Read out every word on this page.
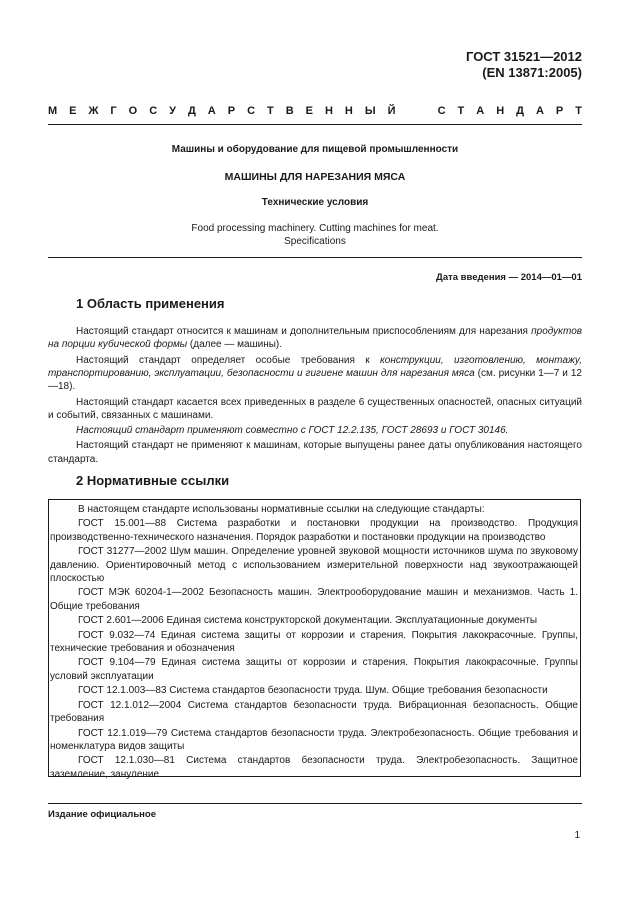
ГОСТ 31521—2012
(EN 13871:2005)
М Е Ж Г О С У Д А Р С Т В Е Н Н Ы Й

	С Т А Н Д А Р Т
Машины и оборудование для пищевой промышленности
МАШИНЫ ДЛЯ НАРЕЗАНИЯ МЯСА
Технические условия
Food processing machinery. Cutting machines for meat.
Specifications
Дата введения — 2014—01—01
1 Область применения

Настоящий стандарт относится к машинам и дополнительным приспособлениям для нарезания продуктов на порции кубической формы (далее — машины).

Настоящий стандарт определяет особые требования к конструкции, изготовлению, монтажу, транспортированию, эксплуатации, безопасности и гигиене машин для нарезания мяса (см. рисунки 1—7 и 12—18).

Настоящий стандарт касается всех приведенных в разделе 6 существенных опасностей, опасных ситуаций и событий, связанных с машинами.

Настоящий стандарт применяют совместно с ГОСТ 12.2.135, ГОСТ 28693 и ГОСТ 30146.

Настоящий стандарт не применяют к машинам, которые выпущены ранее даты опубликования настоящего стандарта.

2 Нормативные ссылки

В настоящем стандарте использованы нормативные ссылки на следующие стандарты:

ГОСТ 15.001—88 Система разработки и постановки продукции на производство. Продукция производственно-технического назначения. Порядок разработки и постановки продукции на производство

ГОСТ 31277—2002 Шум машин. Определение уровней звуковой мощности источников шума по звуковому давлению. Ориентировочный метод с использованием измерительной поверхности над звукоотражающей плоскостью

ГОСТ МЭК 60204-1—2002 Безопасность машин. Электрооборудование машин и механизмов. Часть 1. Общие требования

ГОСТ 2.601—2006 Единая система конструкторской документации. Эксплуатационные документы

ГОСТ 9.032—74 Единая система защиты от коррозии и старения. Покрытия лакокрасочные. Группы, технические требования и обозначения

ГОСТ 9.104—79 Единая система защиты от коррозии и старения. Покрытия лакокрасочные. Группы условий эксплуатации

ГОСТ 12.1.003—83 Система стандартов безопасности труда. Шум. Общие требования безопасности

ГОСТ 12.1.012—2004 Система стандартов безопасности труда. Вибрационная безопасность. Общие требования

ГОСТ 12.1.019—79 Система стандартов безопасности труда. Электробезопасность. Общие требования и номенклатура видов защиты

ГОСТ 12.1.030—81 Система стандартов безопасности труда. Электробезопасность. Защитное заземление, зануление

Издание официальное
1
